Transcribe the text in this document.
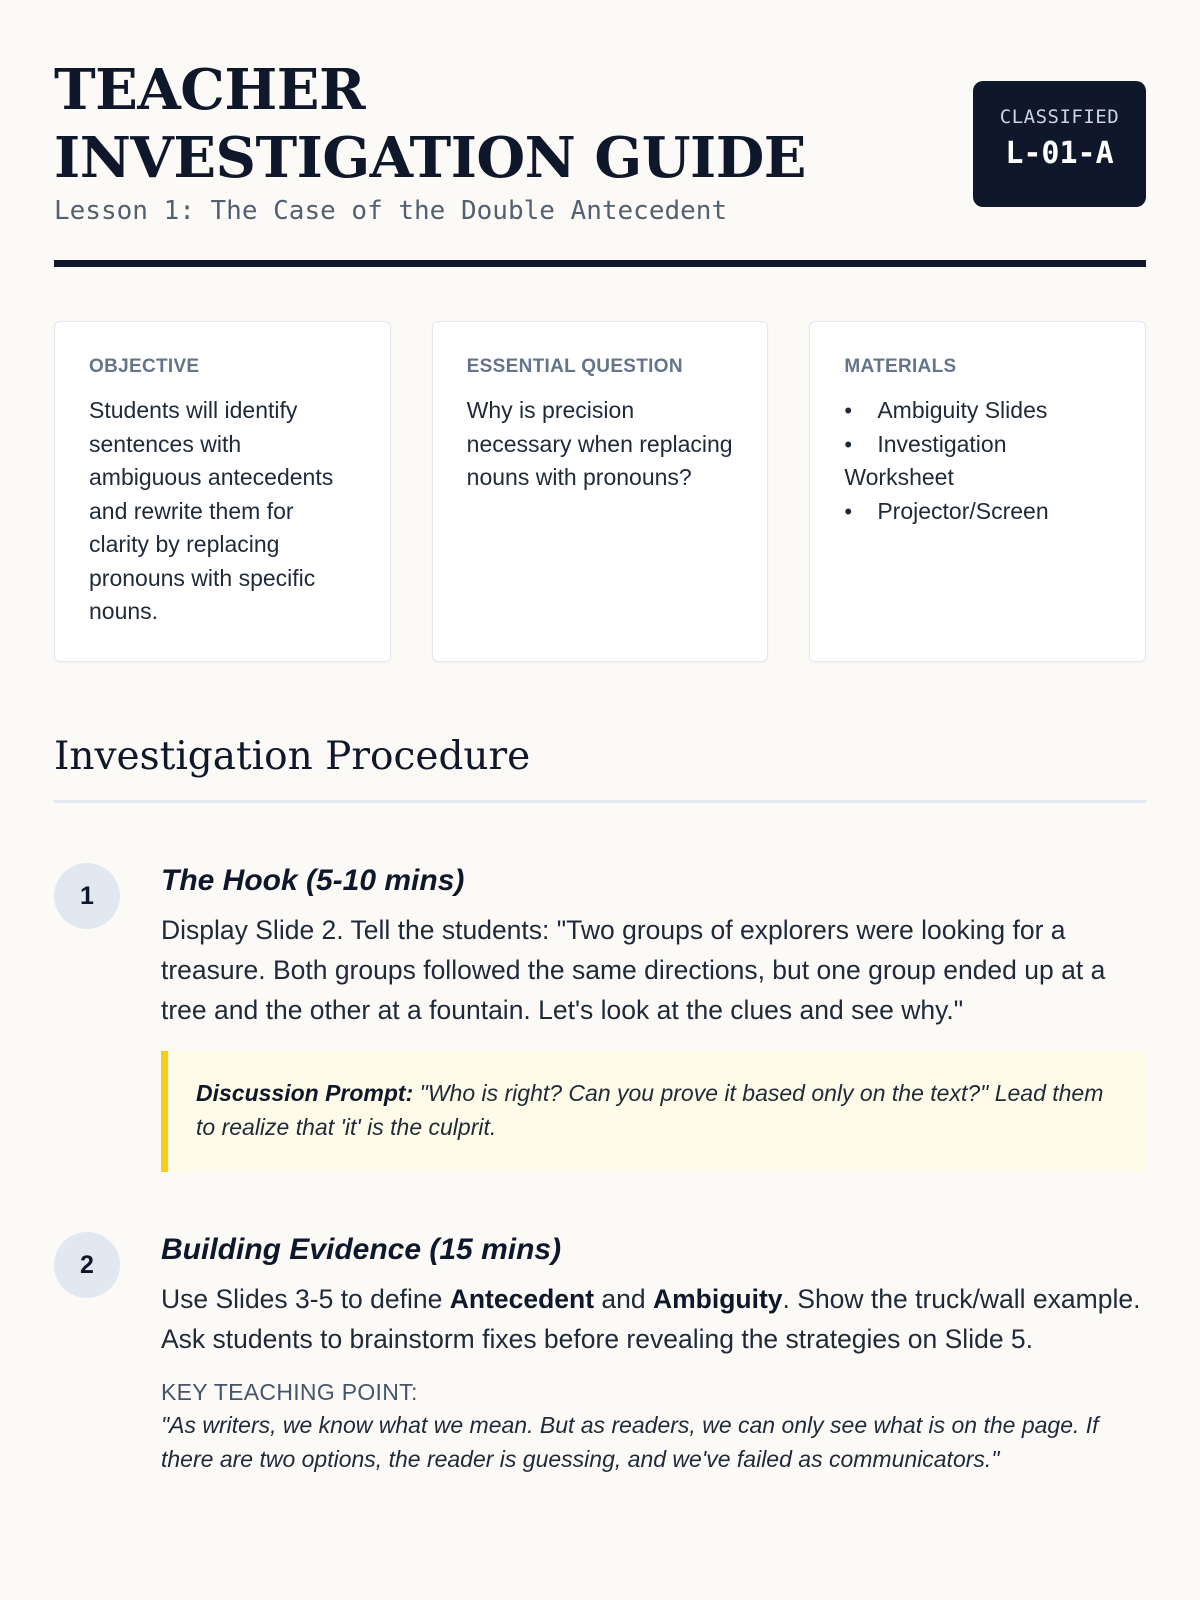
TEACHER INVESTIGATION GUIDE

Lesson 1: The Case of the Double Antecedent

CLASSIFIED
L-01-A
OBJECTIVE
Students will identify sentences with ambiguous antecedents and rewrite them for clarity by replacing pronouns with specific nouns.
ESSENTIAL QUESTION
Why is precision necessary when replacing nouns with pronouns?
MATERIALS
• Ambiguity Slides
• Investigation Worksheet
• Projector/Screen
Investigation Procedure
1	The Hook (5-10 mins)
Display Slide 2. Tell the students: "Two groups of explorers were looking for a treasure. Both groups followed the same directions, but one group ended up at a tree and the other at a fountain. Let's look at the clues and see why."
Discussion Prompt: "Who is right? Can you prove it based only on the text?" Lead them to realize that 'it' is the culprit.
2	Building Evidence (15 mins)
Use Slides 3-5 to define Antecedent and Ambiguity. Show the truck/wall example. Ask students to brainstorm fixes before revealing the strategies on Slide 5.
KEY TEACHING POINT:
"As writers, we know what we mean. But as readers, we can only see what is on the page. If there are two options, the reader is guessing, and we've failed as communicators."
